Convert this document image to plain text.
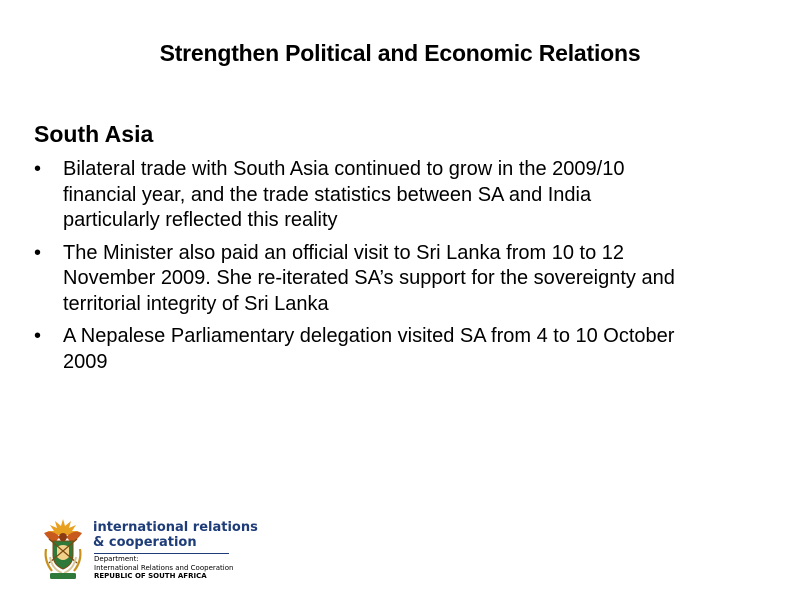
Strengthen Political and Economic Relations
South Asia
•	Bilateral trade with South Asia continued to grow in the 2009/10
financial year, and the trade statistics between SA and India
particularly reflected this reality
•	The Minister also paid an official visit to Sri Lanka from 10 to 12
November 2009. She re-iterated SA’s support for the sovereignty and
territorial integrity of Sri Lanka
•	A Nepalese Parliamentary delegation visited SA from 4 to 10 October
2009
international relations
& cooperation
Department:
International Relations and Cooperation
REPUBLIC OF SOUTH AFRICA
